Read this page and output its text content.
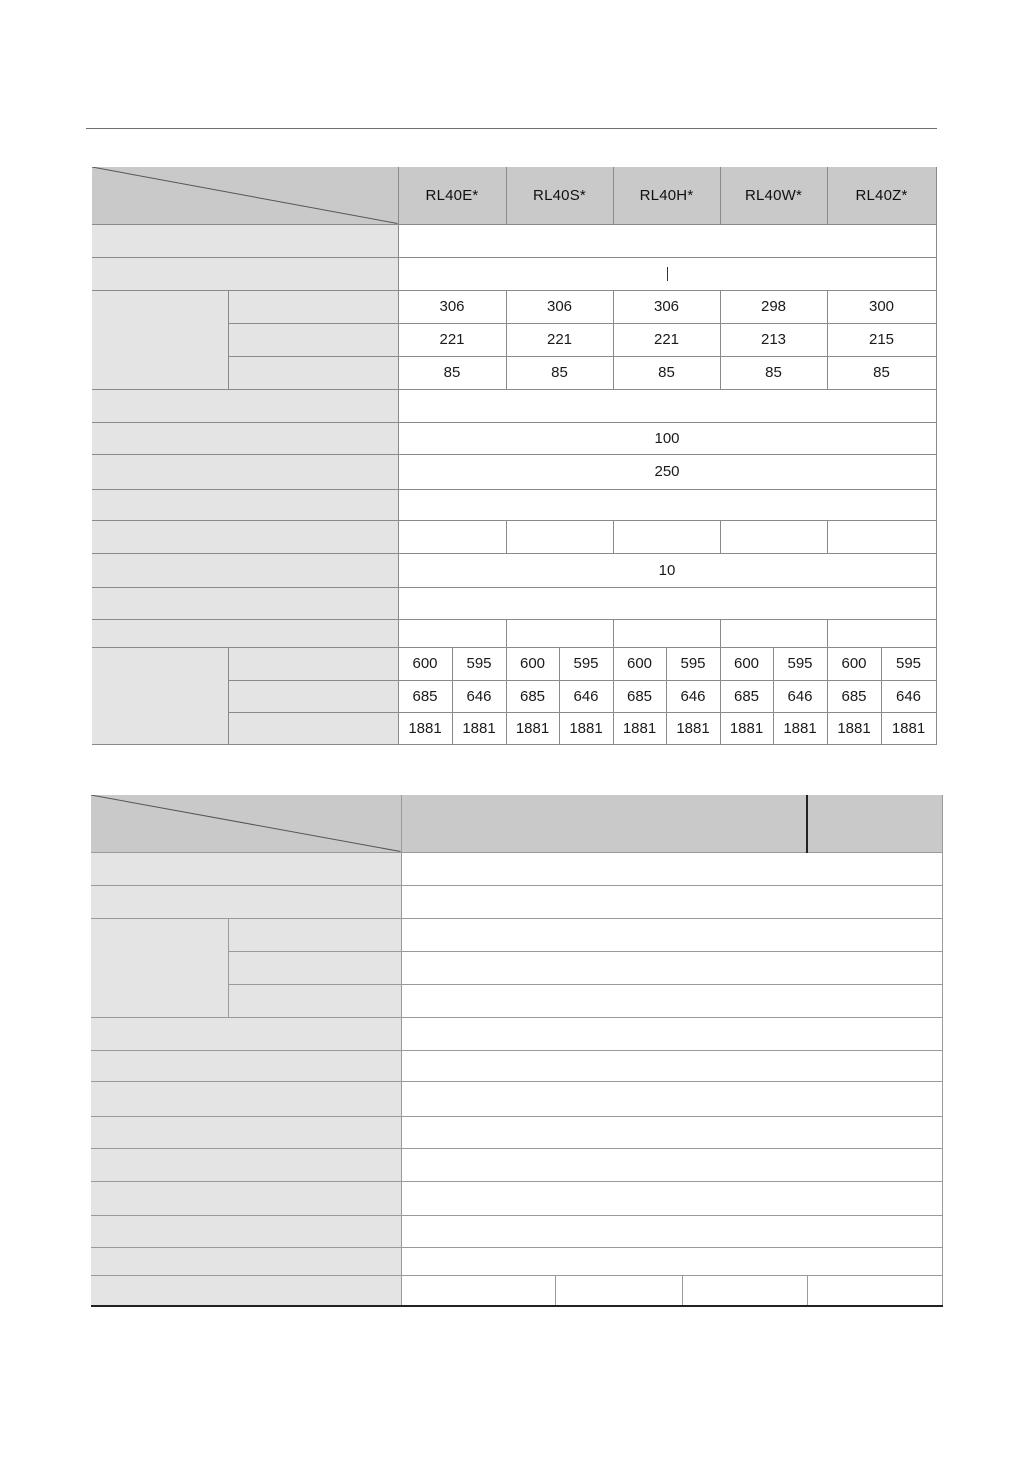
	RL40E*		RL40S*		RL40H*		RL40W*		RL40Z*	

		306		306		306		298		300	
		221		221		221		213		215	
		85		85		85		85		85	

		100									
		250									

		10									

		600	595	600	595	600	595	600	595	600	595
		685	646	685	646	685	646	685	646	685	646
		1881	1881	1881	1881	1881	1881	1881	1881	1881	1881
